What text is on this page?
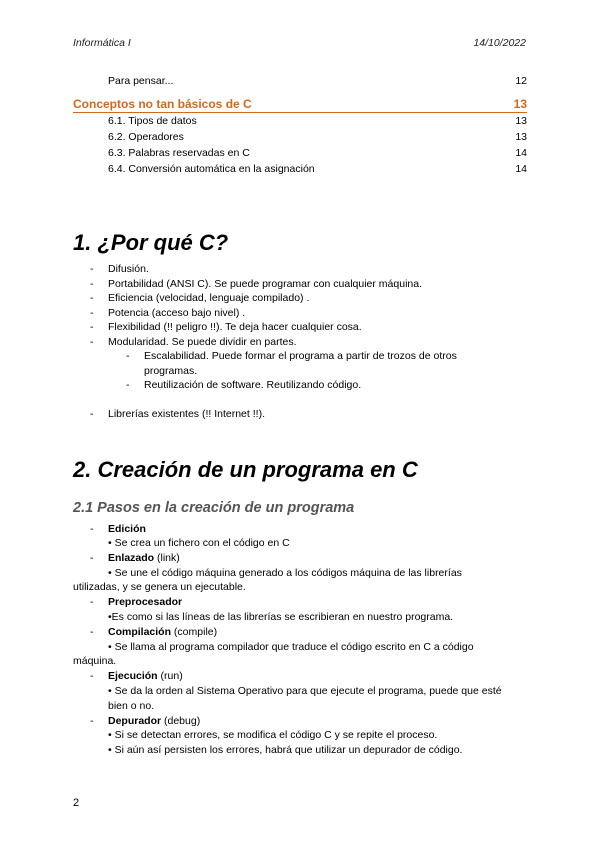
Informática I	14/10/2022
Para pensar...	12
Conceptos no tan básicos de C	13
6.1. Tipos de datos	13
6.2. Operadores	13
6.3. Palabras reservadas en C	14
6.4. Conversión automática en la asignación	14
1. ¿Por qué C?
-	Difusión.
-	Portabilidad (ANSI C). Se puede programar con cualquier máquina.
-	Eficiencia (velocidad, lenguaje compilado) .
-	Potencia (acceso bajo nivel) .
-	Flexibilidad (!! peligro !!). Te deja hacer cualquier cosa.
-	Modularidad. Se puede dividir en partes.
-	Escalabilidad. Puede formar el programa a partir de trozos de otros
programas.
-	Reutilización de software. Reutilizando código.
-	Librerías existentes (!! Internet !!).
2. Creación de un programa en C
2.1 Pasos en la creación de un programa
-	Edición
• Se crea un fichero con el código en C
-	Enlazado (link)
• Se une el código máquina generado a los códigos máquina de las librerías
utilizadas, y se genera un ejecutable.
-	Preprocesador
•Es como si las líneas de las librerías se escribieran en nuestro programa.
-	Compilación (compile)
• Se llama al programa compilador que traduce el código escrito en C a código
máquina.
-	Ejecución (run)
• Se da la orden al Sistema Operativo para que ejecute el programa, puede que esté
bien o no.
-	Depurador (debug)
• Si se detectan errores, se modifica el código C y se repite el proceso.
• Si aún así persisten los errores, habrá que utilizar un depurador de código.
2
